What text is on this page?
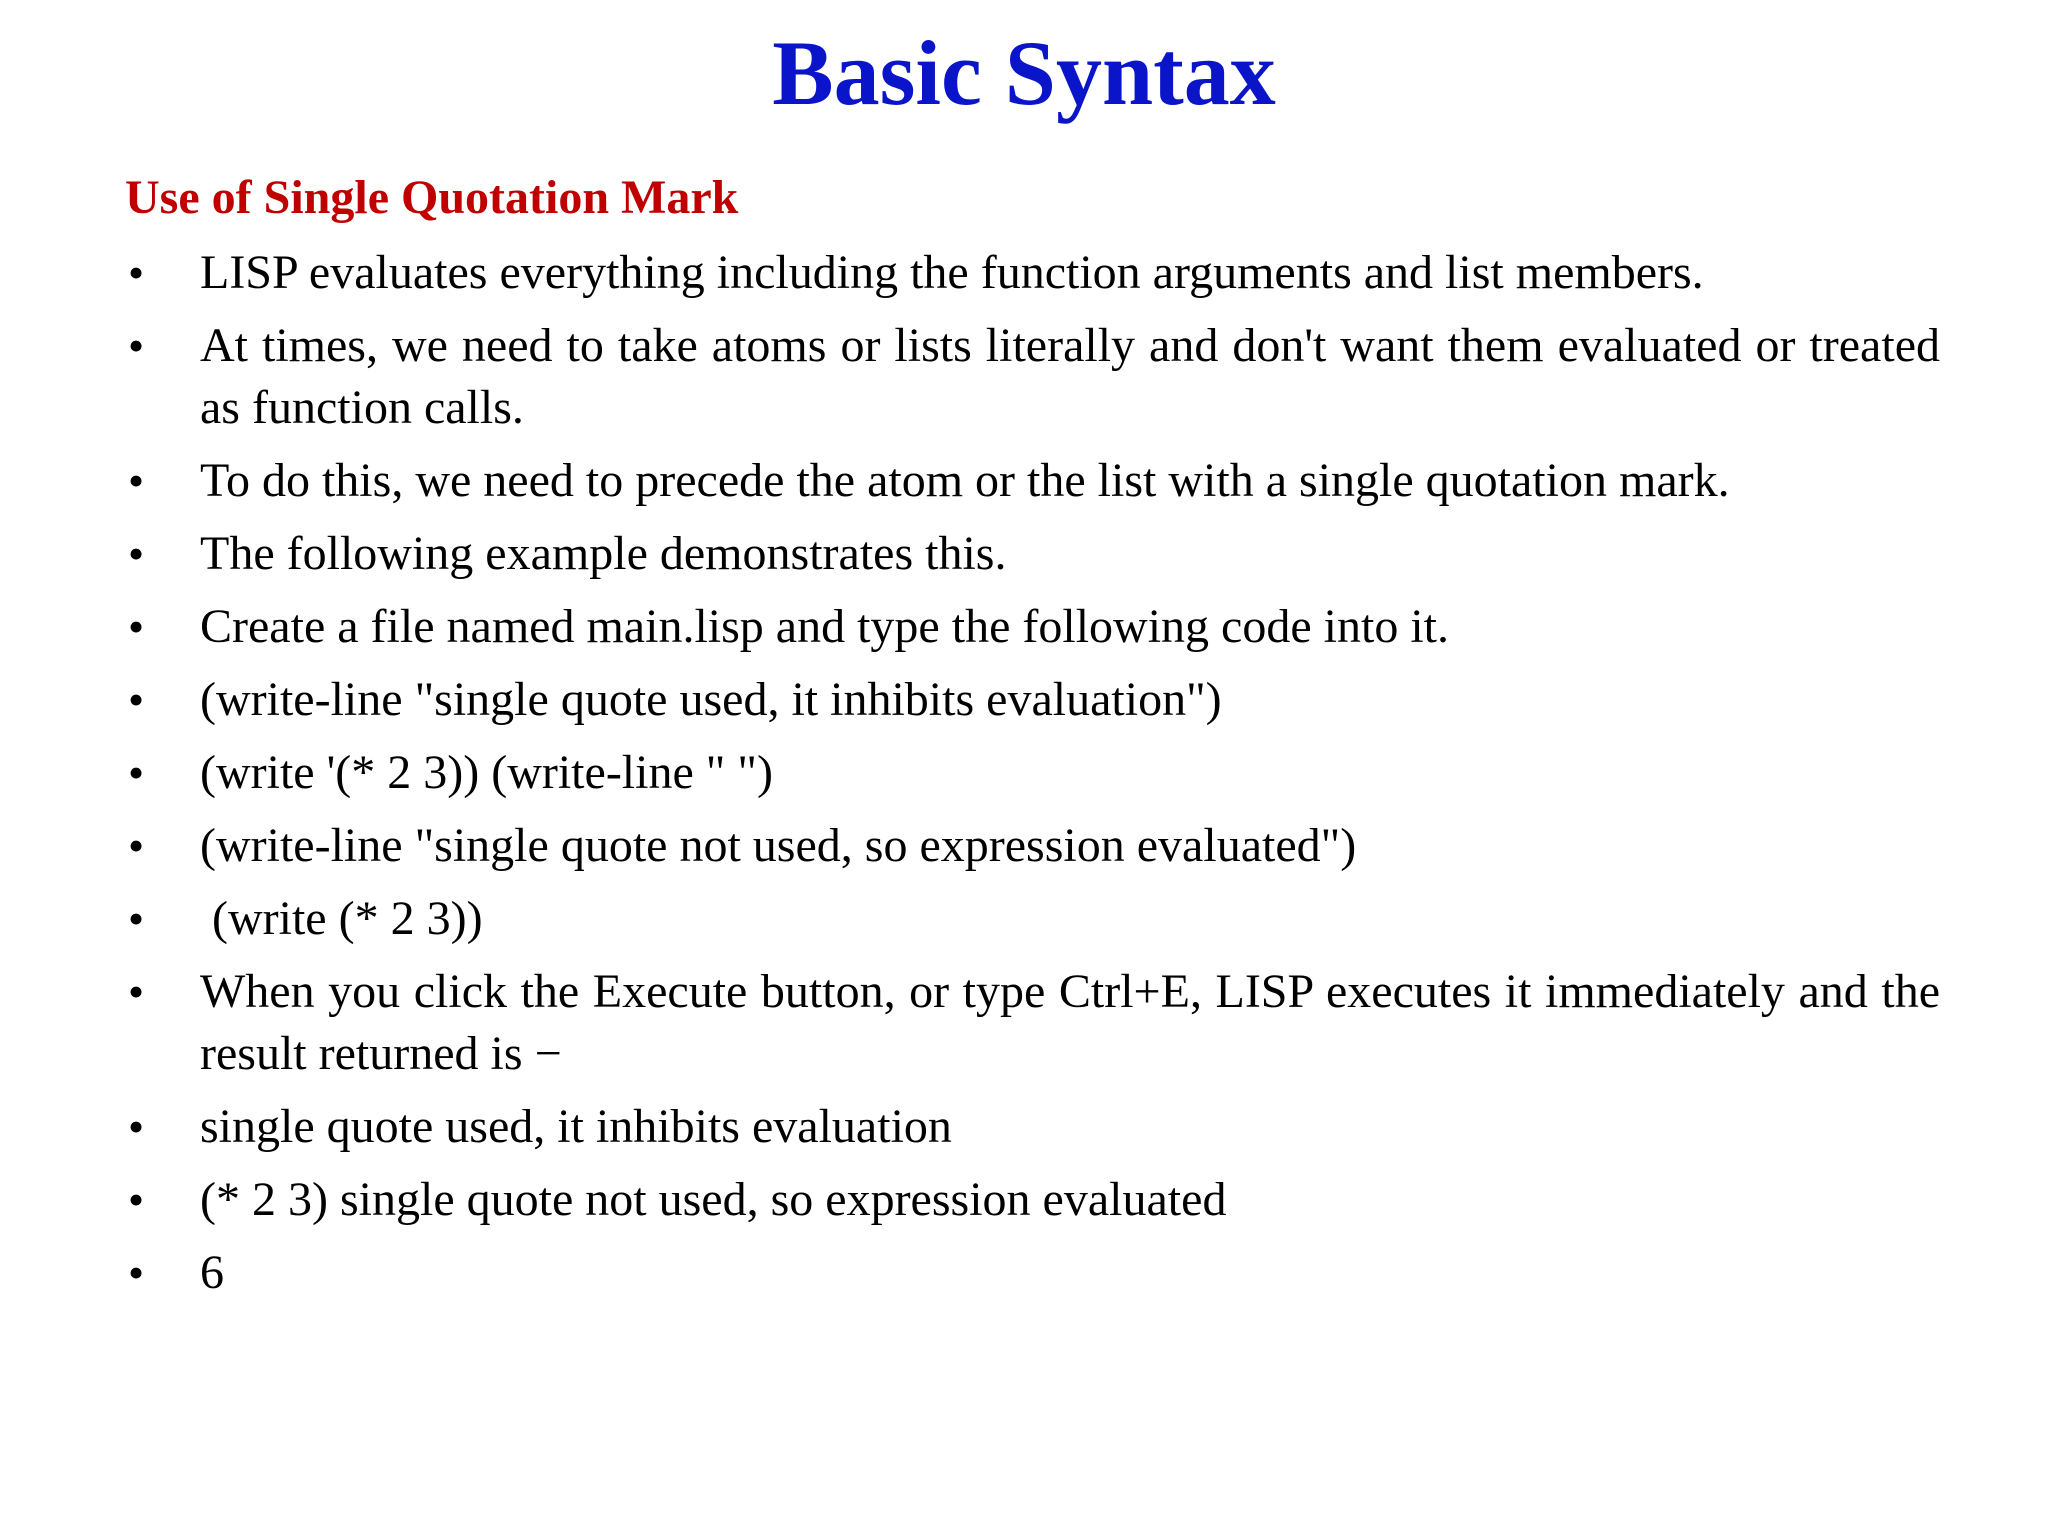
Basic Syntax
Use of Single Quotation Mark
• LISP evaluates everything including the function arguments and list members.
• At times, we need to take atoms or lists literally and don't want them evaluated or treated as function calls.
• To do this, we need to precede the atom or the list with a single quotation mark.
• The following example demonstrates this.
• Create a file named main.lisp and type the following code into it.
• (write-line "single quote used, it inhibits evaluation")
• (write '(* 2 3)) (write-line " ")
• (write-line "single quote not used, so expression evaluated")
• (write (* 2 3))
• When you click the Execute button, or type Ctrl+E, LISP executes it immediately and the result returned is −
• single quote used, it inhibits evaluation
• (* 2 3) single quote not used, so expression evaluated
• 6
